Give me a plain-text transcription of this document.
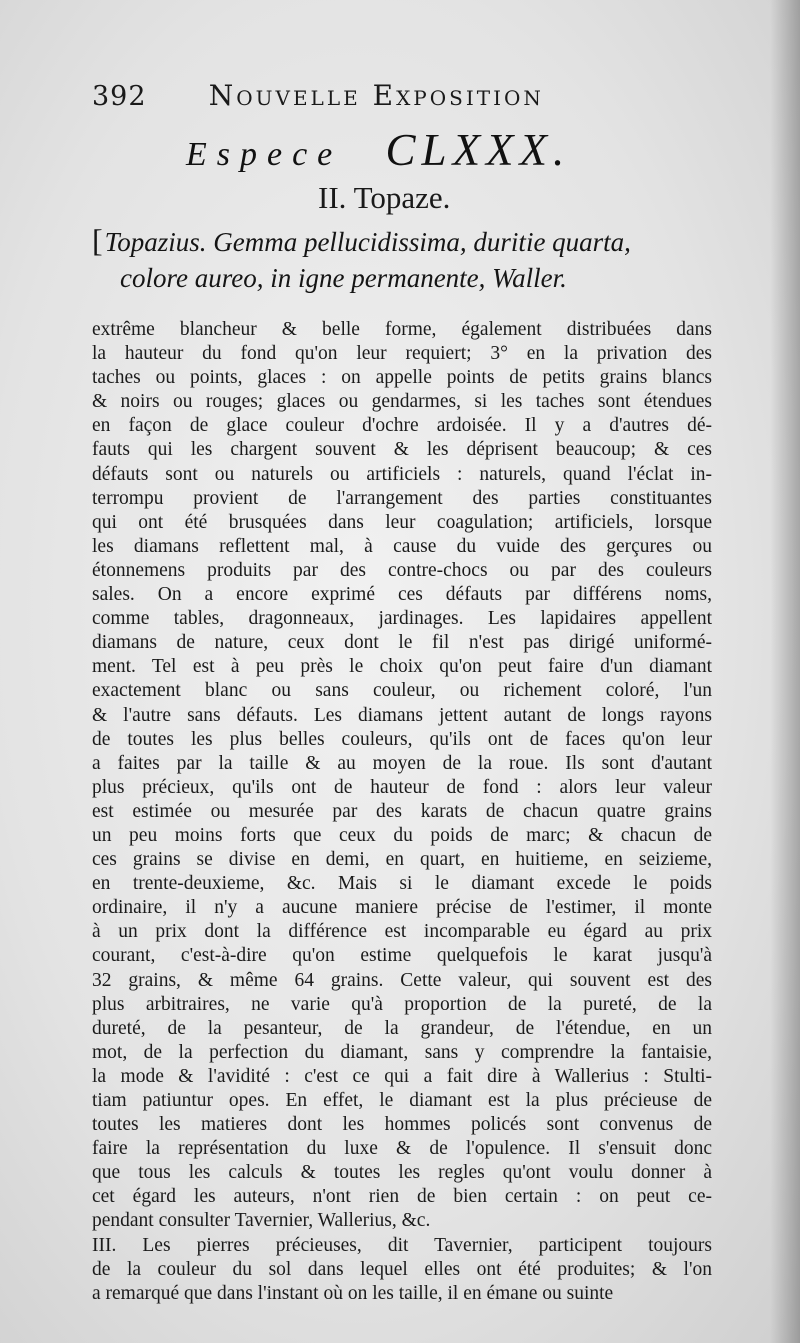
392 Nouvelle Exposition
Espece CLXXX.
II. Topaze.
[Topazius. Gemma pellucidissima, duritie quarta,
colore aureo, in igne permanente, Waller.
extrême blancheur & belle forme, également distribuées dans
la hauteur du fond qu'on leur requiert; 3° en la privation des
taches ou points, glaces : on appelle points de petits grains blancs
& noirs ou rouges; glaces ou gendarmes, si les taches sont étendues
en façon de glace couleur d'ochre ardoisée. Il y a d'autres dé-
fauts qui les chargent souvent & les déprisent beaucoup; & ces
défauts sont ou naturels ou artificiels : naturels, quand l'éclat in-
terrompu provient de l'arrangement des parties constituantes
qui ont été brusquées dans leur coagulation; artificiels, lorsque
les diamans reflettent mal, à cause du vuide des gerçures ou
étonnemens produits par des contre-chocs ou par des couleurs
sales. On a encore exprimé ces défauts par différens noms,
comme tables, dragonneaux, jardinages. Les lapidaires appellent
diamans de nature, ceux dont le fil n'est pas dirigé uniformé-
ment. Tel est à peu près le choix qu'on peut faire d'un diamant
exactement blanc ou sans couleur, ou richement coloré, l'un
& l'autre sans défauts. Les diamans jettent autant de longs rayons
de toutes les plus belles couleurs, qu'ils ont de faces qu'on leur
a faites par la taille & au moyen de la roue. Ils sont d'autant
plus précieux, qu'ils ont de hauteur de fond : alors leur valeur
est estimée ou mesurée par des karats de chacun quatre grains
un peu moins forts que ceux du poids de marc; & chacun de
ces grains se divise en demi, en quart, en huitieme, en seizieme,
en trente-deuxieme, &c. Mais si le diamant excede le poids
ordinaire, il n'y a aucune maniere précise de l'estimer, il monte
à un prix dont la différence est incomparable eu égard au prix
courant, c'est-à-dire qu'on estime quelquefois le karat jusqu'à
32 grains, & même 64 grains. Cette valeur, qui souvent est des
plus arbitraires, ne varie qu'à proportion de la pureté, de la
dureté, de la pesanteur, de la grandeur, de l'étendue, en un
mot, de la perfection du diamant, sans y comprendre la fantaisie,
la mode & l'avidité : c'est ce qui a fait dire à Wallerius : Stulti-
tiam patiuntur opes. En effet, le diamant est la plus précieuse de
toutes les matieres dont les hommes policés sont convenus de
faire la représentation du luxe & de l'opulence. Il s'ensuit donc
que tous les calculs & toutes les regles qu'ont voulu donner à
cet égard les auteurs, n'ont rien de bien certain : on peut ce-
pendant consulter Tavernier, Wallerius, &c.
III. Les pierres précieuses, dit Tavernier, participent toujours
de la couleur du sol dans lequel elles ont été produites; & l'on
a remarqué que dans l'instant où on les taille, il en émane ou suinte
